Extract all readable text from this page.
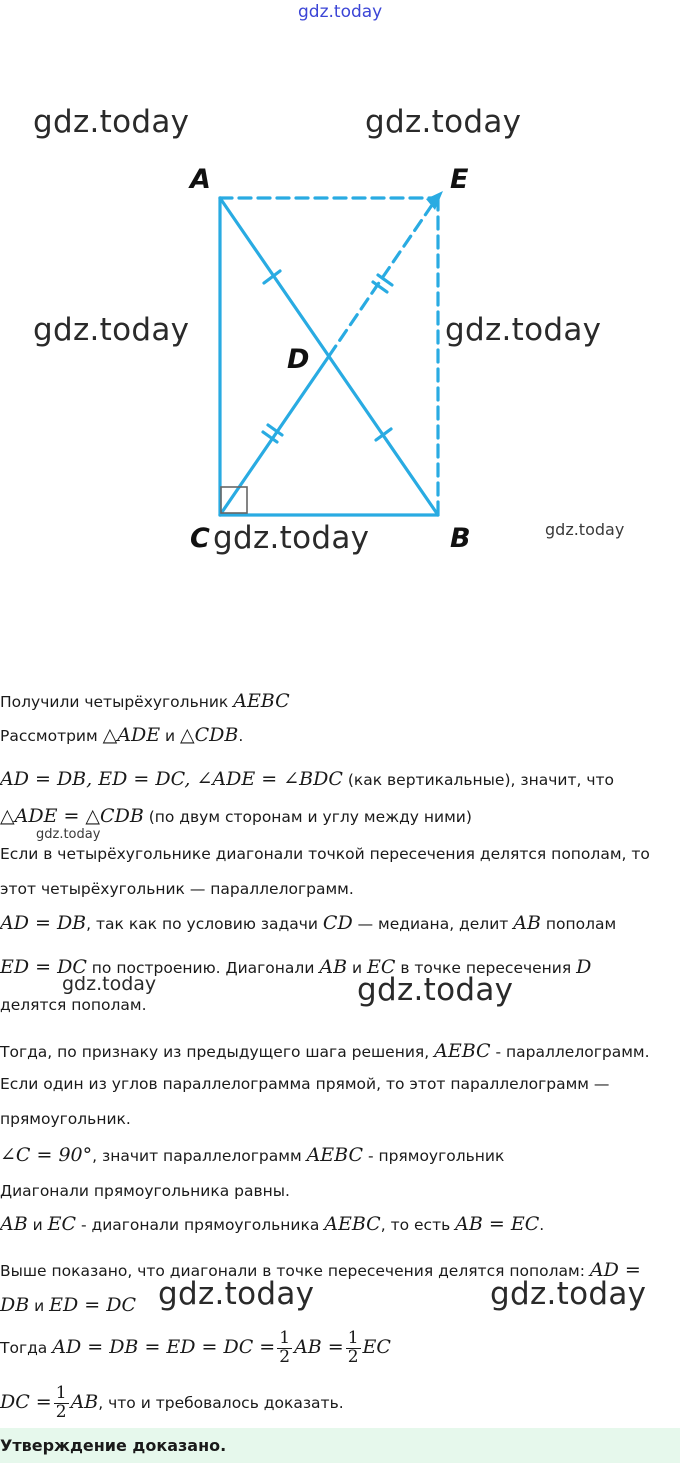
gdz.today
gdz.today	gdz.today
gdz.today	gdz.today
gdz.today	gdz.today
A	E
D
C	B
Получили четырёхугольник AEBC
Рассмотрим △ADE и △CDB.
AD = DB, ED = DC, ∠ADE = ∠BDC (как вертикальные), значит, что
△ADE = △CDB (по двум сторонам и углу между ними)
gdz.today
Если в четырёхугольнике диагонали точкой пересечения делятся пополам, то
этот четырёхугольник — параллелограмм.
AD = DB, так как по условию задачи CD — медиана, делит AB пополам
ED = DC по построению. Диагонали AB и EC в точке пересечения D
делятся пополам.
gdz.today	gdz.today
Тогда, по признаку из предыдущего шага решения, AEBC - параллелограмм.
Если один из углов параллелограмма прямой, то этот параллелограмм —
прямоугольник.
∠C = 90°, значит параллелограмм AEBC - прямоугольник
Диагонали прямоугольника равны.
AB и EC - диагонали прямоугольника AEBC, то есть AB = EC.
Выше показано, что диагонали в точке пересечения делятся пополам: AD =
DB и ED = DC gdz.today	gdz.today
Тогда AD = DB = ED = DC = $\frac{1}{2}$ AB = $\frac{1}{2}$ EC
DC = $\frac{1}{2}$ AB, что и требовалось доказать.
Утверждение доказано.
